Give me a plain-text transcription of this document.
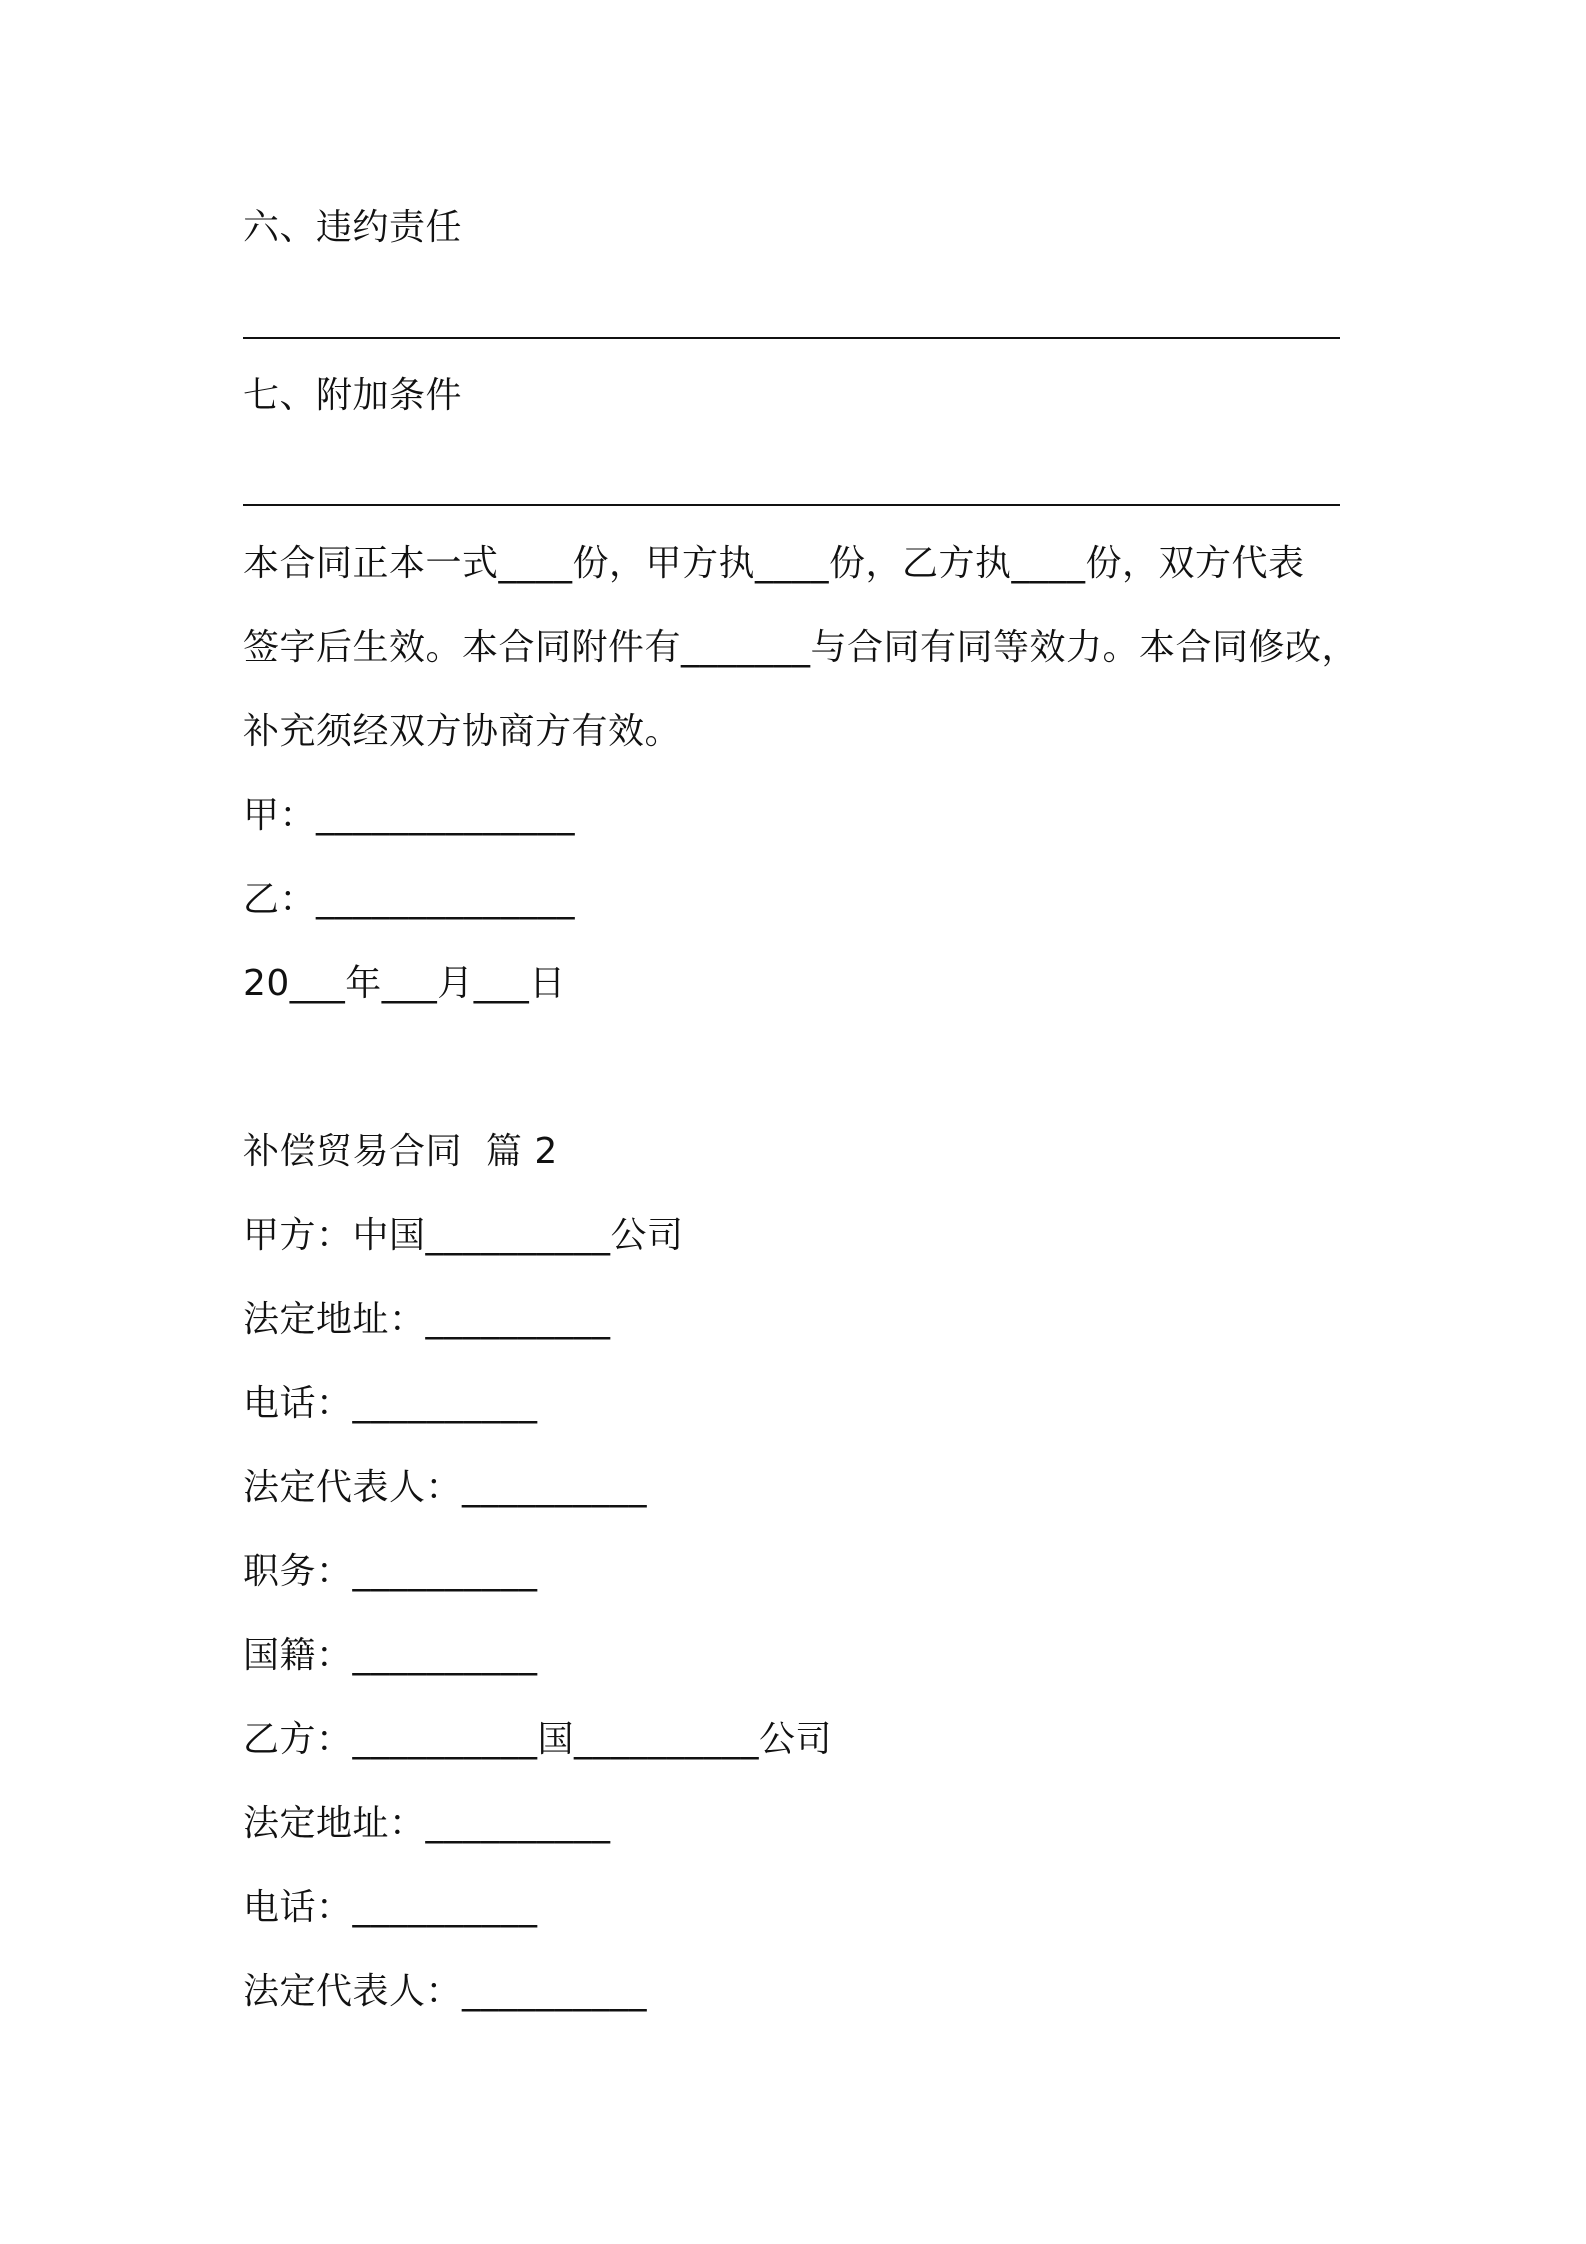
六、违约责任
七、附加条件
本合同正本一式____份，甲方执____份，乙方执____份，双方代表
签字后生效。本合同附件有_______与合同有同等效力。本合同修改，
补充须经双方协商方有效。
甲：______________
乙：______________
20___年___月___日
补偿贸易合同  篇 2
甲方：中国__________公司
法定地址：__________
电话：__________
法定代表人：__________
职务：__________
国籍：__________
乙方：__________国__________公司
法定地址：__________
电话：__________
法定代表人：__________
